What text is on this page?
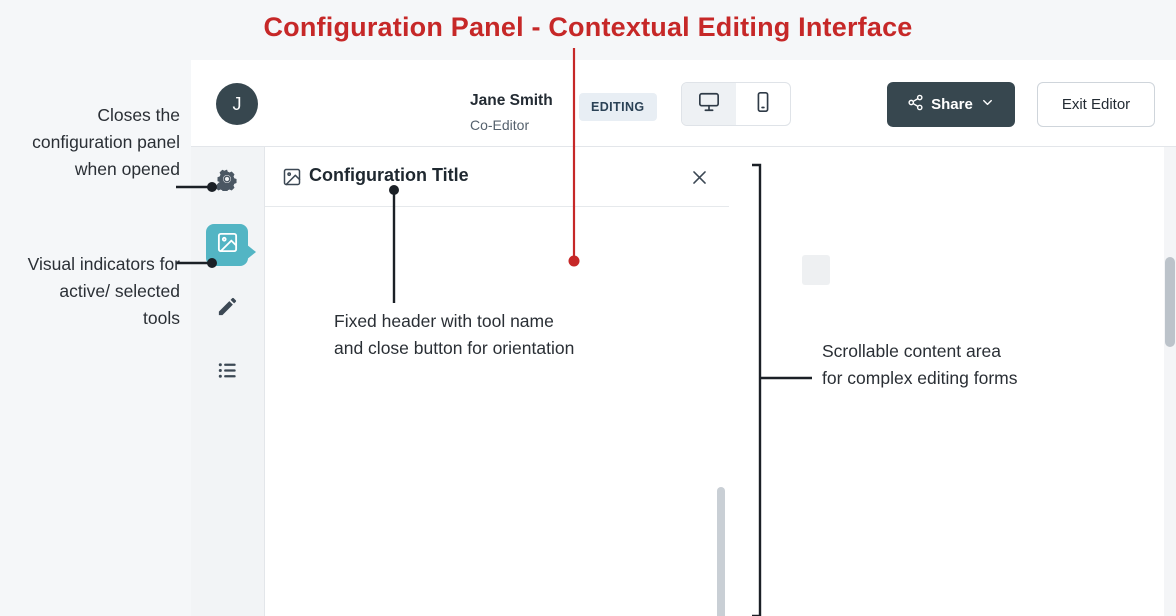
Configuration Panel - Contextual Editing Interface
J	Jane Smith
Co-Editor
EDITING	Share	Exit Editor
Configuration Title
Closes the configuration panel when opened
Visual indicators for active/ selected tools	Fixed header with tool name and close button for orientation	Scrollable content area for complex editing forms
